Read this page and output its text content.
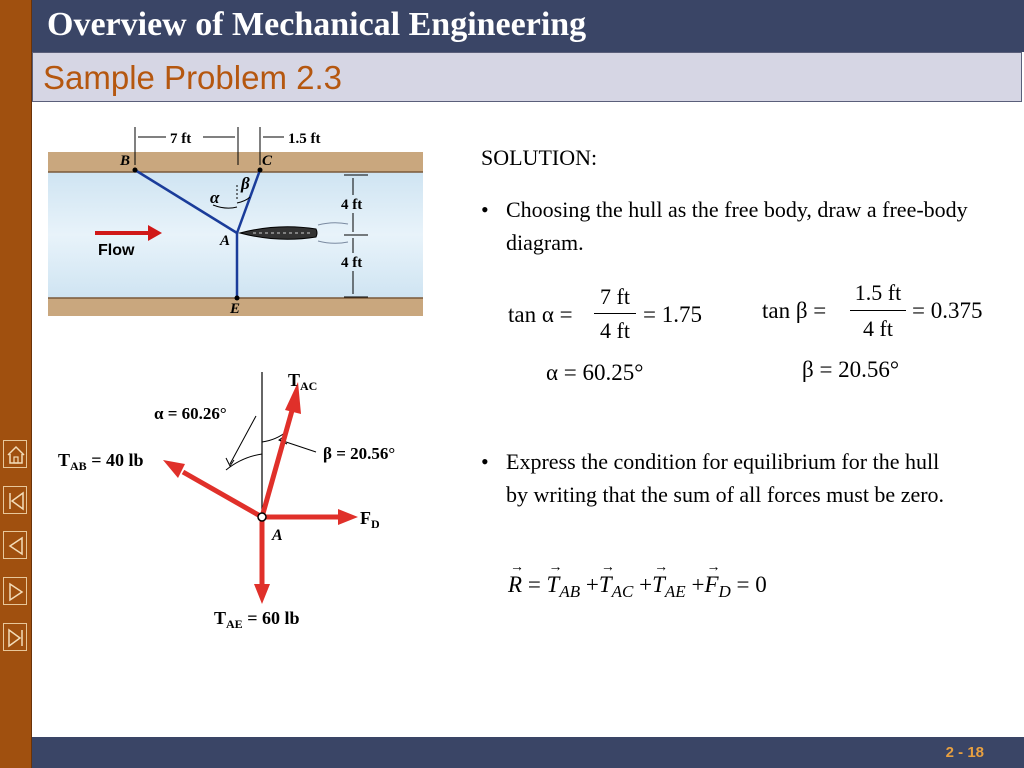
Overview of Mechanical Engineering
Sample Problem 2.3
7 ft	1.5 ft
4 ft
4 ft
B	C
A
E
α
β
Flow
α = 60.26°
β = 20.56°
$T_{AC}$
$T_{AB} = 40$ lb
$F_D$
A
$T_{AE} = 60$ lb
SOLUTION:
• Choosing the hull as the free body, draw a free-body diagram.
tan α =
7 ft
4 ft
= 1.75
α = 60.25°
tan β =
1.5 ft
4 ft
= 0.375
β = 20.56°
• Express the condition for equilibrium for the hull by writing that the sum of all forces must be zero.
→
R =
→
$T_{AB}$ +
→
$T_{AC}$ +
→
$T_{AE}$ +
→
$F_D = 0$
2 - 18
